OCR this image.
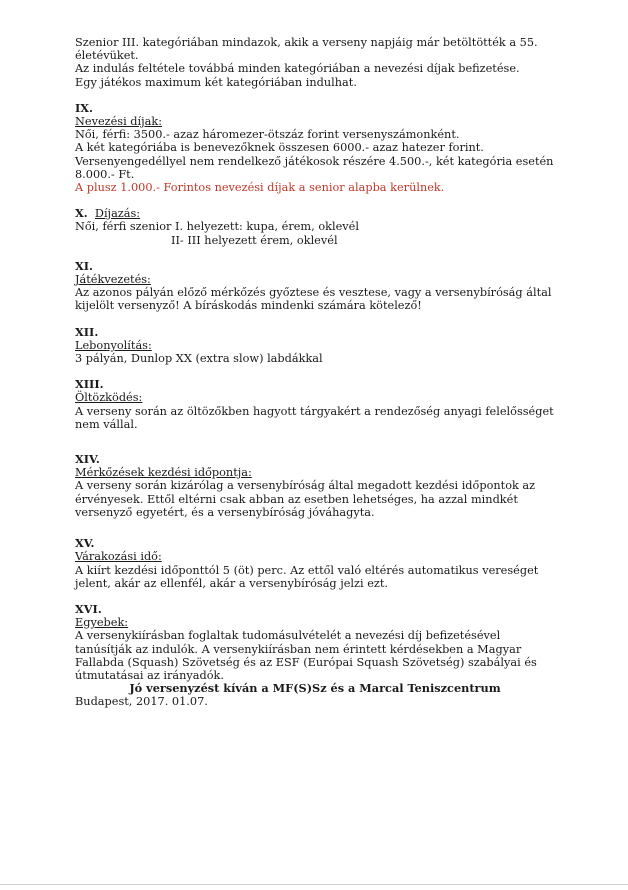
Szenior III. kategóriában mindazok, akik a verseny napjáig már betöltötték a 55. életévüket.

Az indulás feltétele továbbá minden kategóriában a nevezési díjak befizetése.

Egy játékos maximum két kategóriában indulhat.

IX.

Nevezési díjak:

Női, férfi: 3500.- azaz háromezer-ötszáz forint versenyszámonként.

A két kategóriába is benevezőknek összesen 6000.- azaz hatezer forint.

Versenyengedéllyel nem rendelkező játékosok részére 4.500.-, két kategória esetén 8.000.- Ft.

A plusz 1.000.- Forintos nevezési díjak a senior alapba kerülnek.

X. Díjazás:

Női, férfi szenior I. helyezett: kupa, érem, oklevél

II- III helyezett érem, oklevél

XI.

Játékvezetés:

Az azonos pályán előző mérkőzés győztese és vesztese, vagy a versenybíróság által kijelölt versenyző! A bíráskodás mindenki számára kötelező!

XII.

Lebonyolítás:

3 pályán, Dunlop XX (extra slow) labdákkal

XIII.

Öltözködés:

A verseny során az öltözőkben hagyott tárgyakért a rendezőség anyagi felelősséget nem vállal.

XIV.

Mérkőzések kezdési időpontja:

A verseny során kizárólag a versenybíróság által megadott kezdési időpontok az érvényesek. Ettől eltérni csak abban az esetben lehetséges, ha azzal mindkét versenyző egyetért, és a versenybíróság jóváhagyta.

XV.

Várakozási idő:

A kiírt kezdési időponttól 5 (öt) perc. Az ettől való eltérés automatikus vereséget jelent, akár az ellenfél, akár a versenybíróság jelzi ezt.

XVI.

Egyebek:

A versenykiírásban foglaltak tudomásulvételét a nevezési díj befizetésével tanúsítják az indulók. A versenykiírásban nem érintett kérdésekben a Magyar Fallabda (Squash) Szövetség és az ESF (Európai Squash Szövetség) szabályai és útmutatásai az irányadók.

Jó versenyzést kíván a MF(S)Sz és a Marcal Teniszcentrum

Budapest, 2017. 01.07.
